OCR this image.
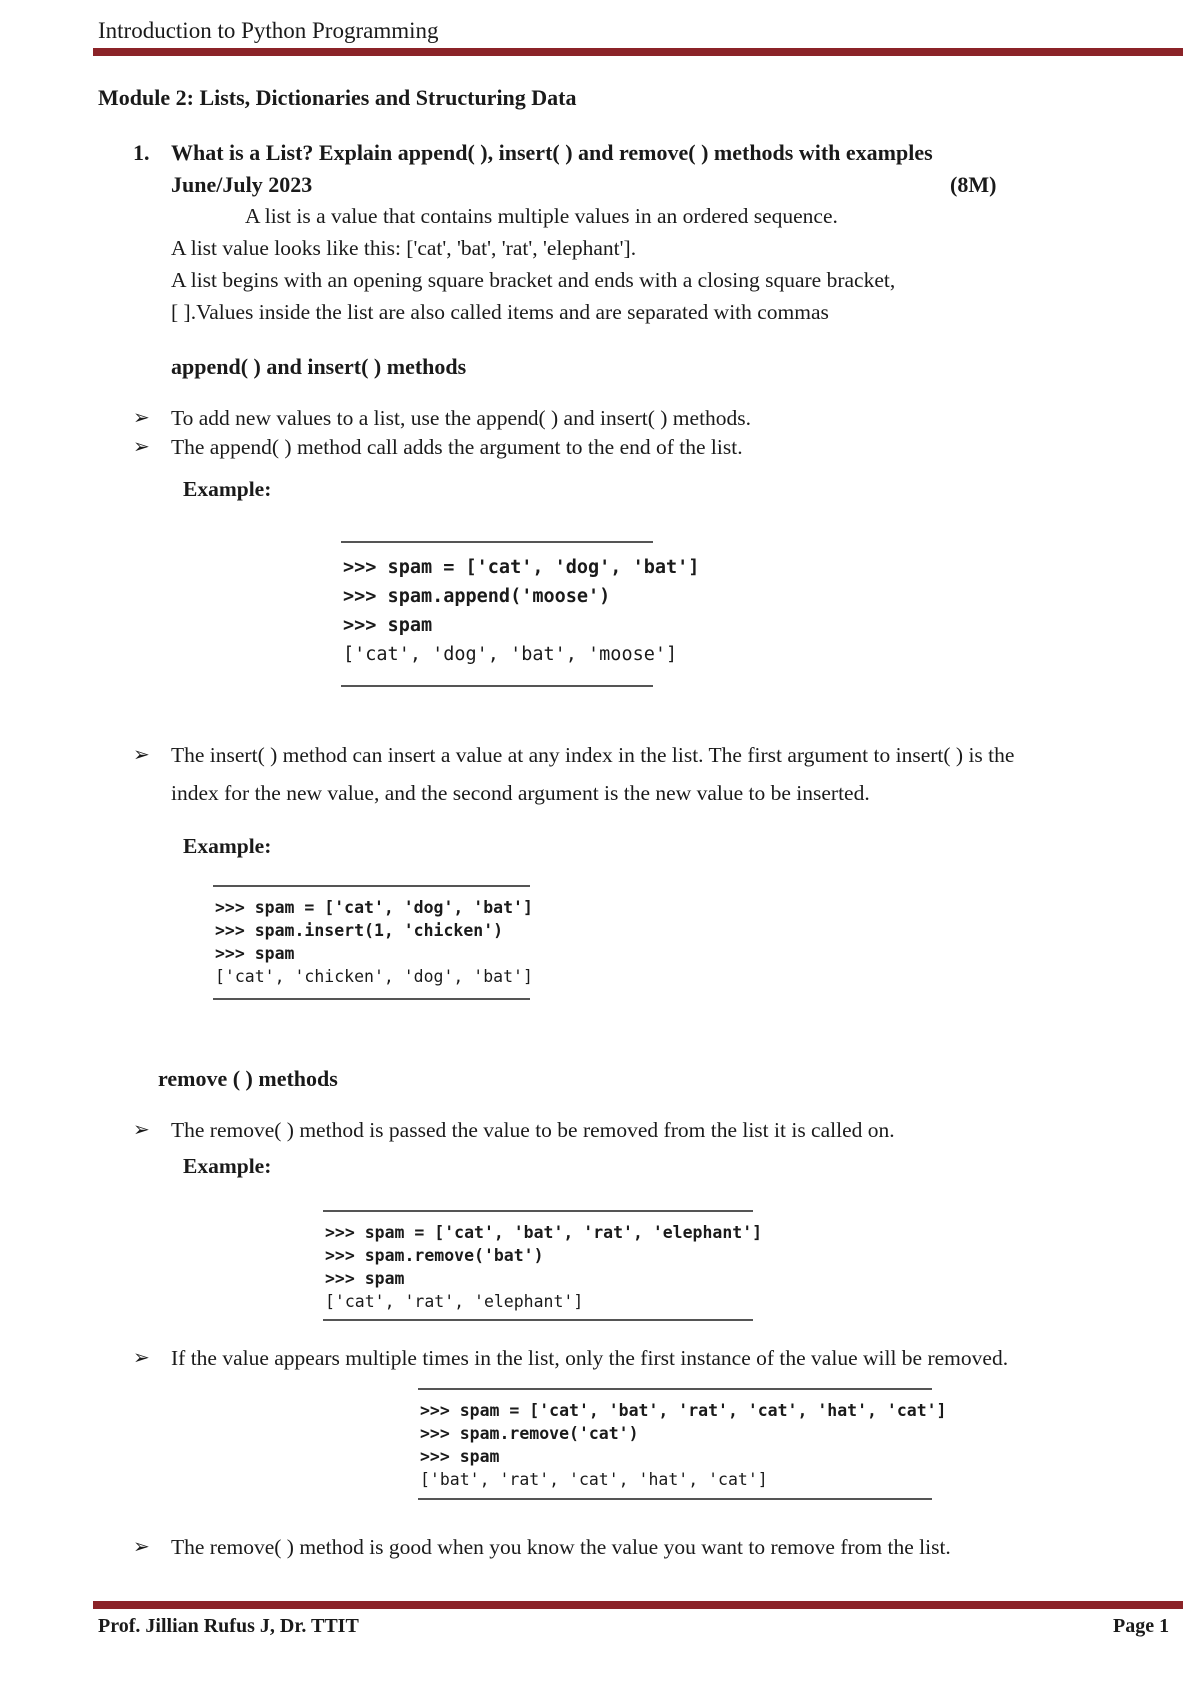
Introduction to Python Programming
Module 2: Lists, Dictionaries and Structuring Data
1. What is a List? Explain append( ), insert( ) and remove( ) methods with examples
June/July 2023	(8M)
A list is a value that contains multiple values in an ordered sequence.
A list value looks like this: ['cat', 'bat', 'rat', 'elephant'].
A list begins with an opening square bracket and ends with a closing square bracket,
[ ].Values inside the list are also called items and are separated with commas
append( ) and insert( ) methods
➢ To add new values to a list, use the append( ) and insert( ) methods.
➢ The append( ) method call adds the argument to the end of the list.
Example:
>>> spam = ['cat', 'dog', 'bat']
>>> spam.append('moose')
>>> spam
['cat', 'dog', 'bat', 'moose']
➢ The insert( ) method can insert a value at any index in the list. The first argument to insert( ) is the
index for the new value, and the second argument is the new value to be inserted.
Example:
>>> spam = ['cat', 'dog', 'bat']
>>> spam.insert(1, 'chicken')
>>> spam
['cat', 'chicken', 'dog', 'bat']
remove ( ) methods
➢ The remove( ) method is passed the value to be removed from the list it is called on.
Example:
>>> spam = ['cat', 'bat', 'rat', 'elephant']
>>> spam.remove('bat')
>>> spam
['cat', 'rat', 'elephant']
➢ If the value appears multiple times in the list, only the first instance of the value will be removed.
>>> spam = ['cat', 'bat', 'rat', 'cat', 'hat', 'cat']
>>> spam.remove('cat')
>>> spam
['bat', 'rat', 'cat', 'hat', 'cat']
➢ The remove( ) method is good when you know the value you want to remove from the list.
Prof. Jillian Rufus J, Dr. TTIT	Page 1
